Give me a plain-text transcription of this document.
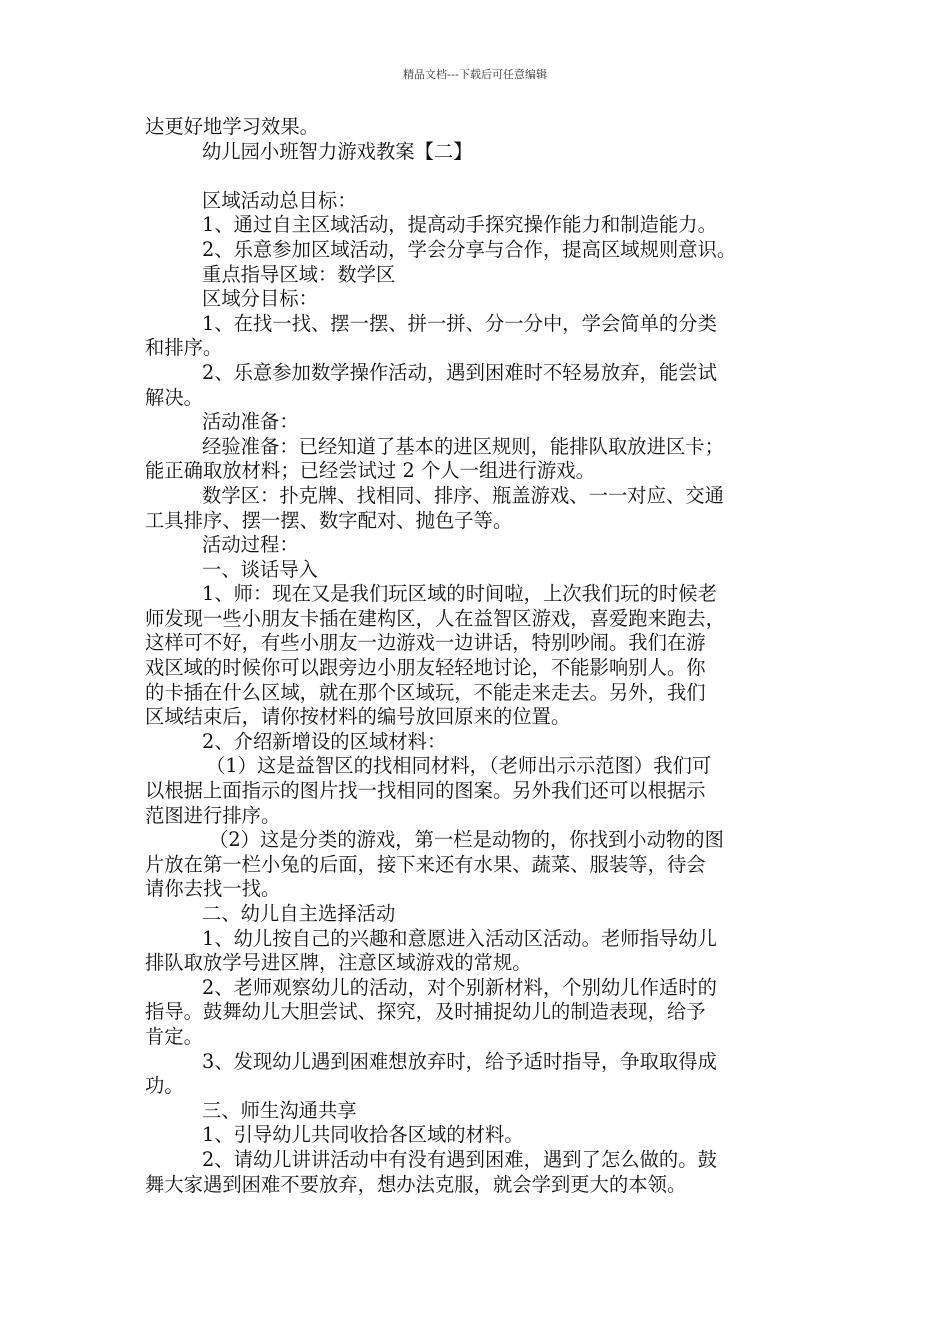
精品文档---下载后可任意编辑

达更好地学习效果。

幼儿园小班智力游戏教案【二】

区域活动总目标：

1、通过自主区域活动，提高动手探究操作能力和制造能力。

2、乐意参加区域活动，学会分享与合作，提高区域规则意识。

重点指导区域：数学区

区域分目标：

1、在找一找、摆一摆、拼一拼、分一分中，学会简单的分类

和排序。

2、乐意参加数学操作活动，遇到困难时不轻易放弃，能尝试

解决。

活动准备：

经验准备：已经知道了基本的进区规则，能排队取放进区卡；

能正确取放材料；已经尝试过 2 个人一组进行游戏。

数学区：扑克牌、找相同、排序、瓶盖游戏、一一对应、交通

工具排序、摆一摆、数字配对、抛色子等。

活动过程：

一、谈话导入

1、师：现在又是我们玩区域的时间啦，上次我们玩的时候老

师发现一些小朋友卡插在建构区，人在益智区游戏，喜爱跑来跑去，

这样可不好，有些小朋友一边游戏一边讲话，特别吵闹。我们在游

戏区域的时候你可以跟旁边小朋友轻轻地讨论，不能影响别人。你

的卡插在什么区域，就在那个区域玩，不能走来走去。另外，我们

区域结束后，请你按材料的编号放回原来的位置。

2、介绍新增设的区域材料：

（1）这是益智区的找相同材料，（老师出示示范图）我们可

以根据上面指示的图片找一找相同的图案。另外我们还可以根据示

范图进行排序。

（2）这是分类的游戏，第一栏是动物的，你找到小动物的图

片放在第一栏小兔的后面，接下来还有水果、蔬菜、服装等，待会

请你去找一找。

二、幼儿自主选择活动

1、幼儿按自己的兴趣和意愿进入活动区活动。老师指导幼儿

排队取放学号进区牌，注意区域游戏的常规。

2、老师观察幼儿的活动，对个别新材料，个别幼儿作适时的

指导。鼓舞幼儿大胆尝试、探究，及时捕捉幼儿的制造表现，给予

肯定。

3、发现幼儿遇到困难想放弃时，给予适时指导，争取取得成

功。

三、师生沟通共享

1、引导幼儿共同收拾各区域的材料。

2、请幼儿讲讲活动中有没有遇到困难，遇到了怎么做的。鼓

舞大家遇到困难不要放弃，想办法克服，就会学到更大的本领。
